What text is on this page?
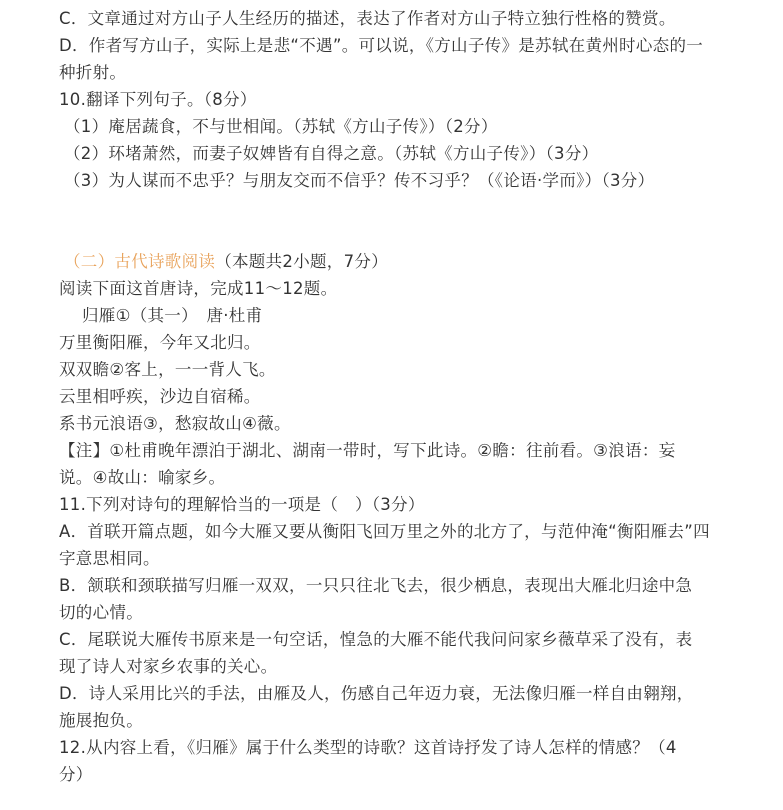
C．文章通过对方山子人生经历的描述，表达了作者对方山子特立独行性格的赞赏。
D．作者写方山子，实际上是悲“不遇”。可以说，《方山子传》是苏轼在黄州时心态的一
种折射。
10.翻译下列句子。（8分）
（1）庵居蔬食，不与世相闻。（苏轼《方山子传》）（2分）
（2）环堵萧然，而妻子奴婢皆有自得之意。（苏轼《方山子传》）（3分）
（3）为人谋而不忠乎？与朋友交而不信乎？传不习乎？（《论语·学而》）（3分）
（二）古代诗歌阅读（本题共2小题，7分）
阅读下面这首唐诗，完成11～12题。
归雁①（其一）　唐·杜甫
万里衡阳雁，今年又北归。
双双瞻②客上，一一背人飞。
云里相呼疾，沙边自宿稀。
系书元浪语③，愁寂故山④薇。
【注】①杜甫晚年漂泊于湖北、湖南一带时，写下此诗。②瞻：往前看。③浪语：妄
说。④故山：喻家乡。
11.下列对诗句的理解恰当的一项是（　）（3分）
A．首联开篇点题，如今大雁又要从衡阳飞回万里之外的北方了，与范仲淹“衡阳雁去”四
字意思相同。
B．颔联和颈联描写归雁一双双，一只只往北飞去，很少栖息，表现出大雁北归途中急
切的心情。
C．尾联说大雁传书原来是一句空话，惶急的大雁不能代我问问家乡薇草采了没有，表
现了诗人对家乡农事的关心。
D．诗人采用比兴的手法，由雁及人，伤感自己年迈力衰，无法像归雁一样自由翱翔，
施展抱负。
12.从内容上看，《归雁》属于什么类型的诗歌？这首诗抒发了诗人怎样的情感？（4
分）
